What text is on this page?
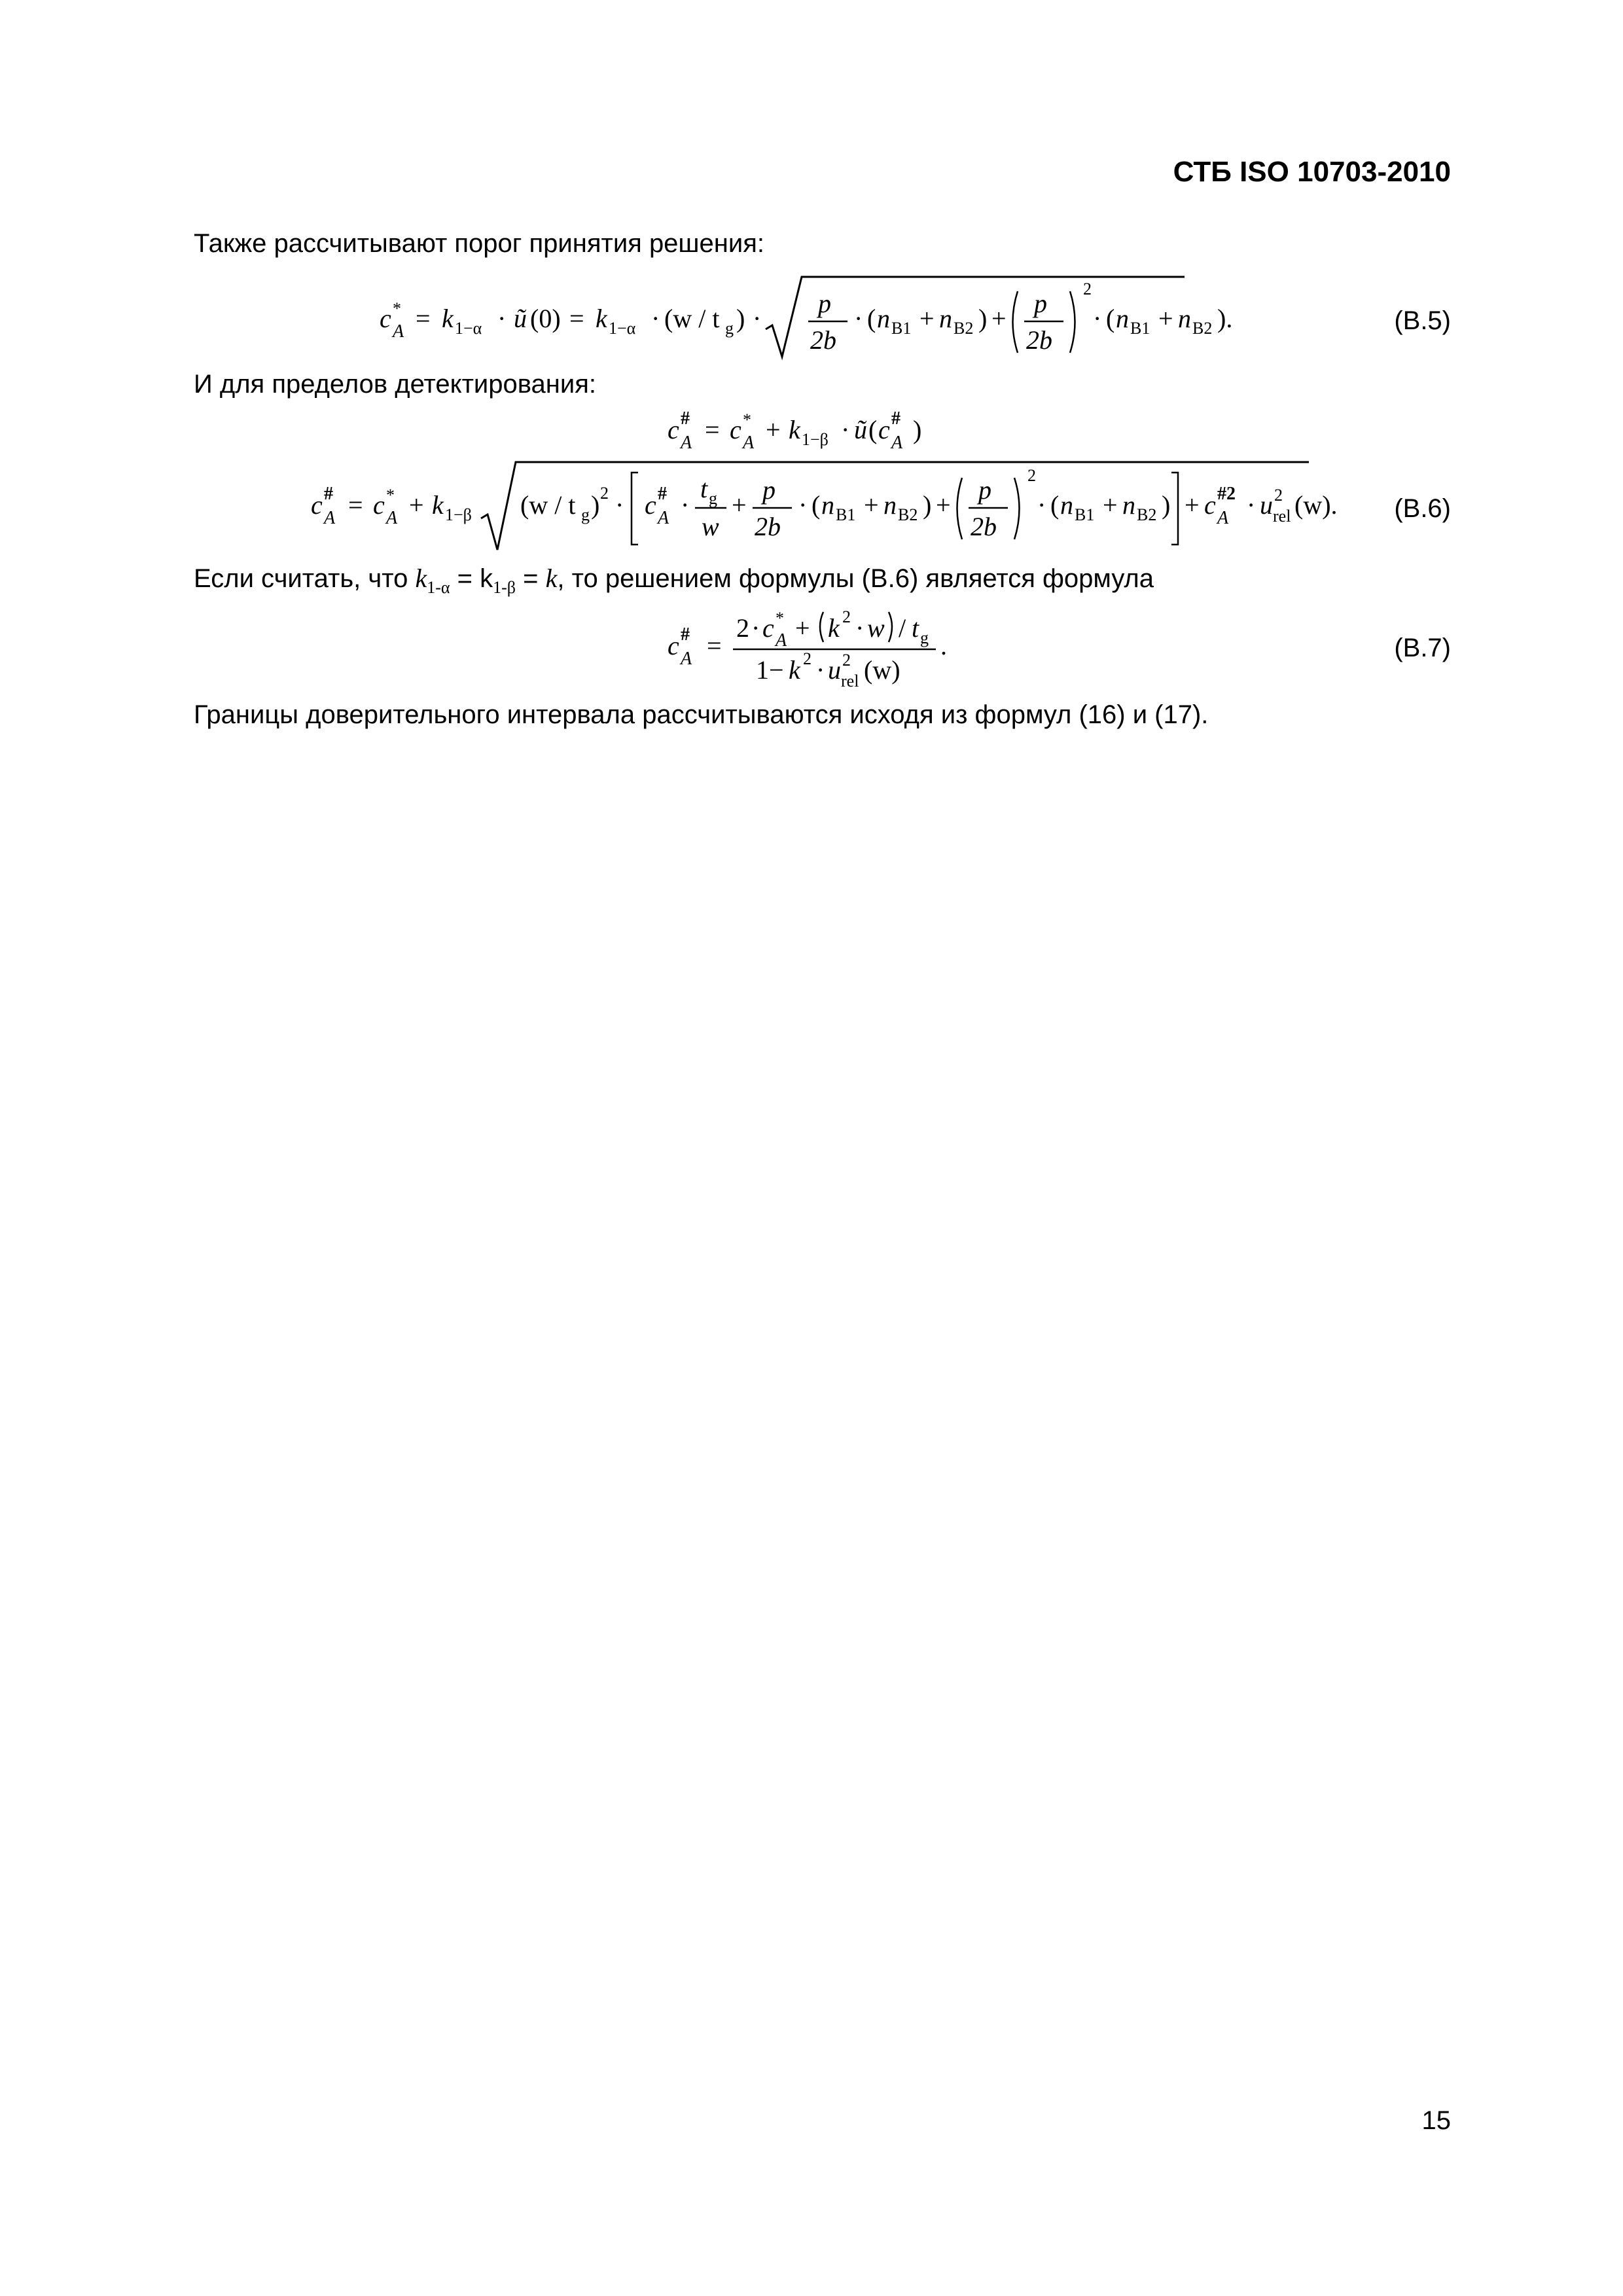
СТБ ISO 10703-2010
Также рассчитывают порог принятия решения:
c *
A = k 1−α · ũ (0) = k 1−α · (w / t g ) ·
p
2b
· ( n B1 + n B2 ) +
p
2b
2
· ( n B1 + n B2 ).	(B.5)
И для пределов детектирования:
c #
A = c *
A + k 1−β · ũ ( c #
A )
c #
A = c *
A + k 1−β (w / t g ) 2 · c #
A ·
t g
w
+
p
2b
· ( n B1 + n B2 ) +
p
2b
2
· ( n B1 + n B2 ) + c #2
A · u 2
rel (w). (B.6)
Если считать, что $k_{1-\alpha} = k_{1-\beta} = k$, то решением формулы (B.6) является формула
c #
A =
2 · c *
A + k 2 · w / t g
1− k 2 · u 2
rel (w)
.	(B.7)
Границы доверительного интервала рассчитываются исходя из формул (16) и (17).
15
